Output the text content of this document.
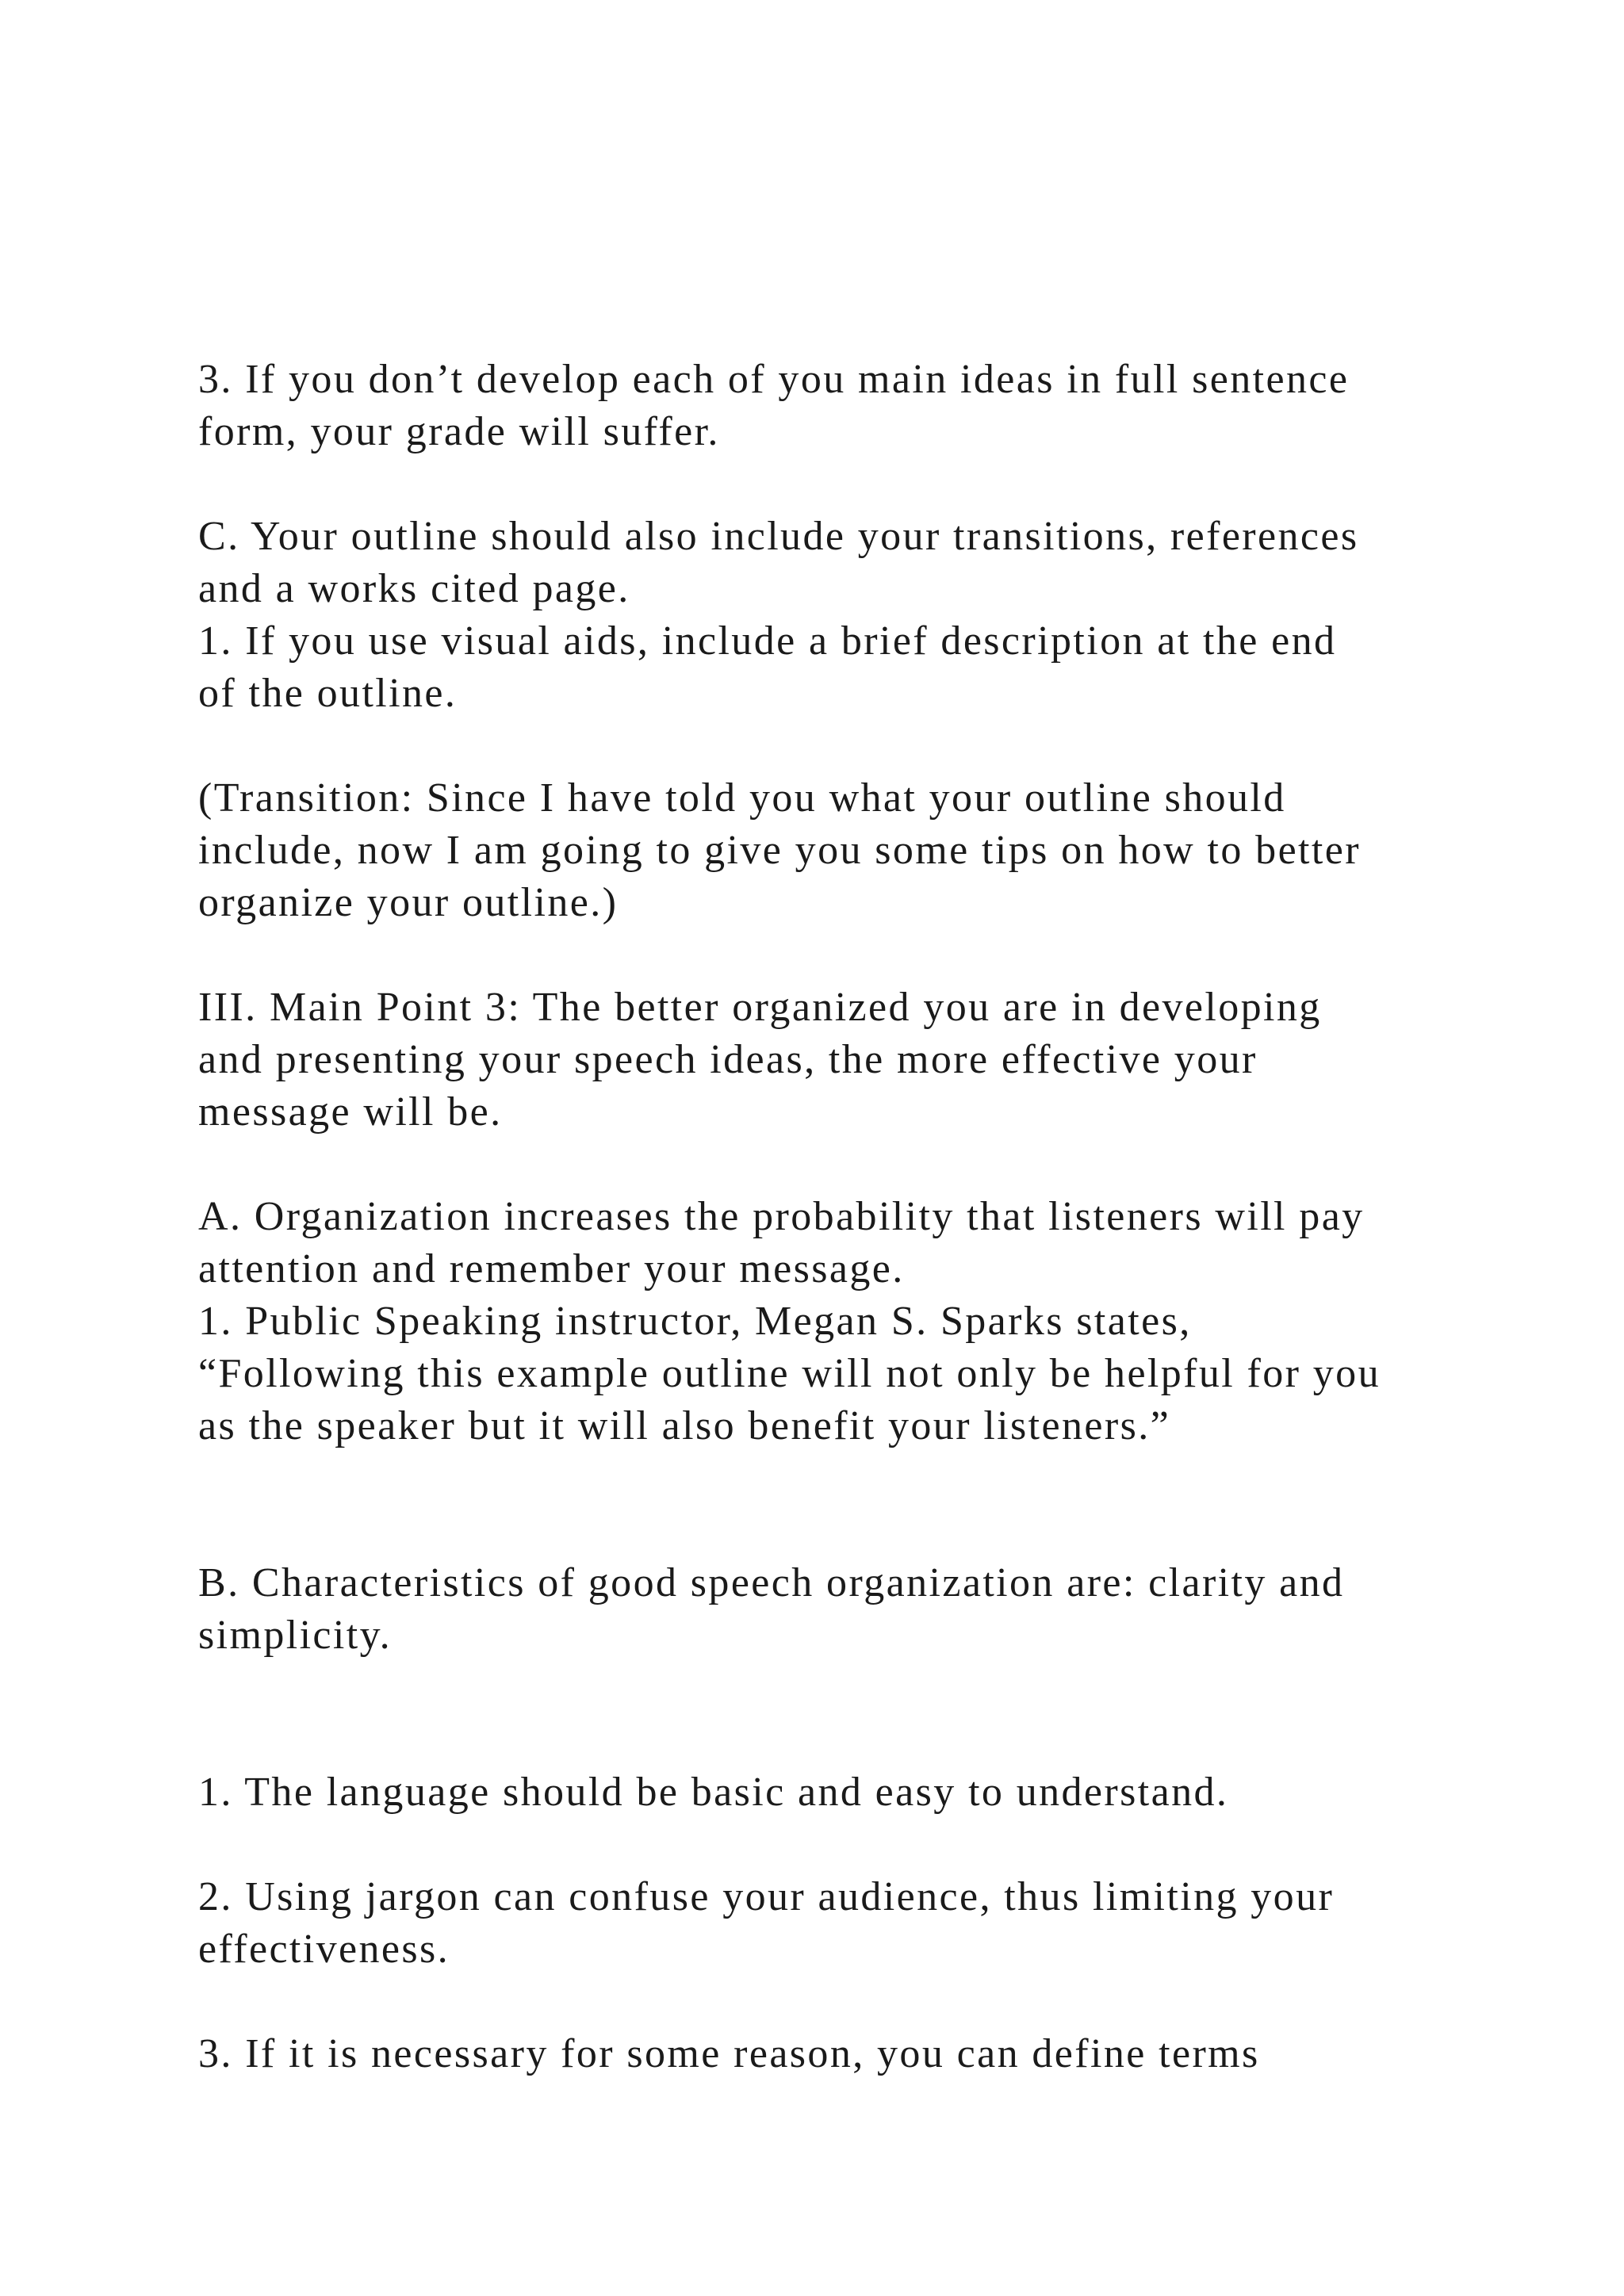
3. If you don’t develop each of you main ideas in full sentence

form, your grade will suffer.

C. Your outline should also include your transitions, references

and a works cited page.

1. If you use visual aids, include a brief description at the end

of the outline.

(Transition: Since I have told you what your outline should

include, now I am going to give you some tips on how to better

organize your outline.)

III. Main Point 3: The better organized you are in developing

and presenting your speech ideas, the more effective your

message will be.

A. Organization increases the probability that listeners will pay

attention and remember your message.

1. Public Speaking instructor, Megan S. Sparks states,

“Following this example outline will not only be helpful for you

as the speaker but it will also benefit your listeners.”

B. Characteristics of good speech organization are: clarity and

simplicity.

1. The language should be basic and easy to understand.

2. Using jargon can confuse your audience, thus limiting your

effectiveness.

3. If it is necessary for some reason, you can define terms
